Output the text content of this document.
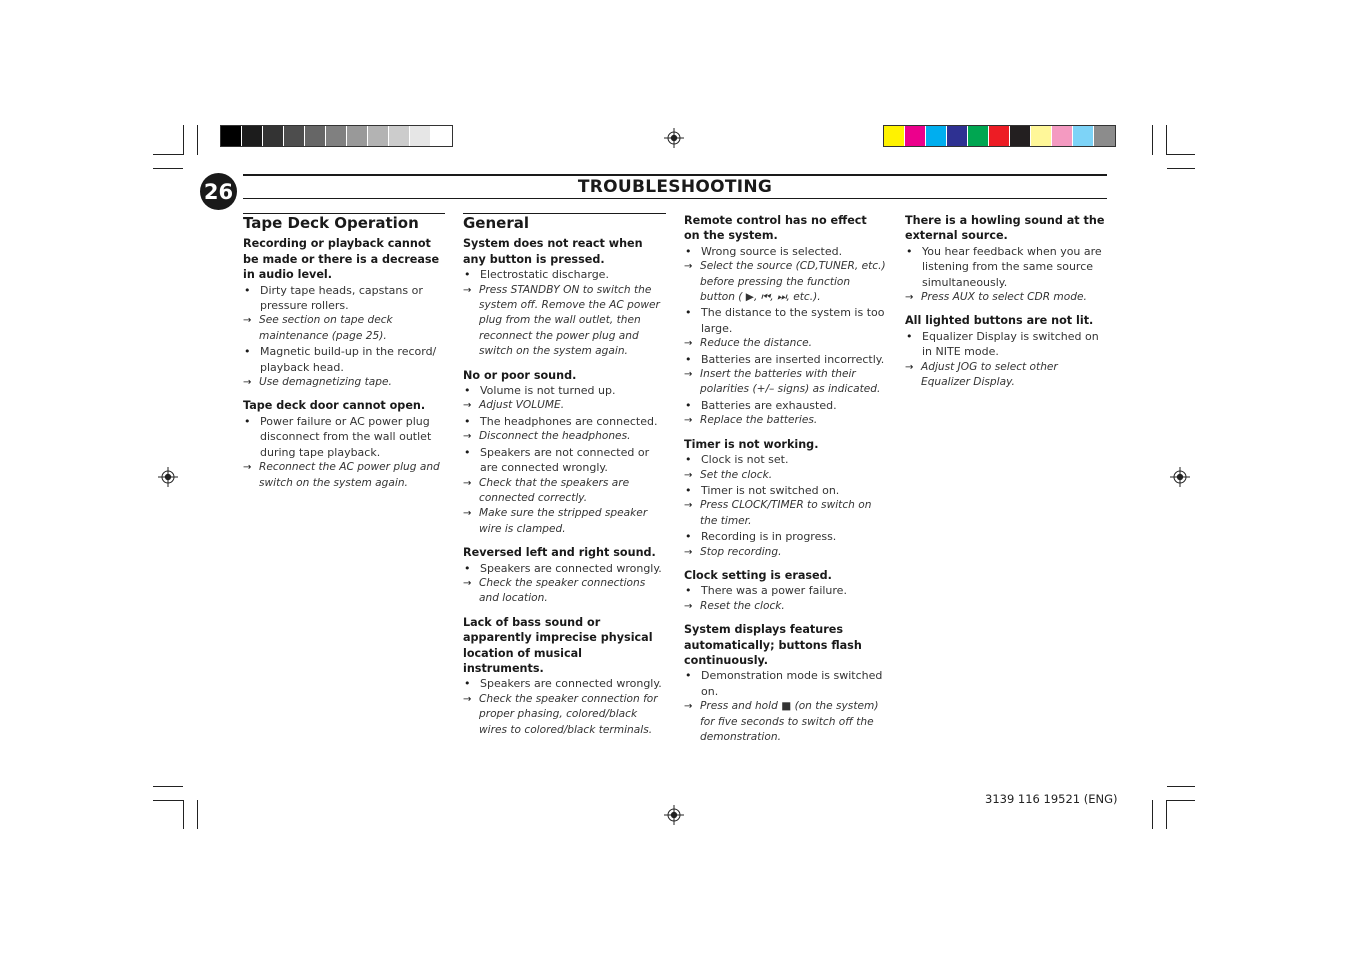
26	TROUBLESHOOTING
Tape Deck Operation
Recording or playback cannot be made or there is a decrease in audio level.
• Dirty tape heads, capstans or pressure rollers.
→ See section on tape deck maintenance (page 25).
• Magnetic build-up in the record/ playback head.
→ Use demagnetizing tape.
Tape deck door cannot open.
• Power failure or AC power plug disconnect from the wall outlet during tape playback.
→ Reconnect the AC power plug and switch on the system again.
General
System does not react when any button is pressed.
• Electrostatic discharge.
→ Press STANDBY ON to switch the system off. Remove the AC power plug from the wall outlet, then reconnect the power plug and switch on the system again.
No or poor sound.
• Volume is not turned up.
→ Adjust VOLUME.
• The headphones are connected.
→ Disconnect the headphones.
• Speakers are not connected or are connected wrongly.
→ Check that the speakers are connected correctly.
→ Make sure the stripped speaker wire is clamped.
Reversed left and right sound.
• Speakers are connected wrongly.
→ Check the speaker connections and location.
Lack of bass sound or apparently imprecise physical location of musical instruments.
• Speakers are connected wrongly.
→ Check the speaker connection for proper phasing, colored/black wires to colored/black terminals.
Remote control has no effect on the system.
• Wrong source is selected.
→ Select the source (CD,TUNER, etc.) before pressing the function button ( ▶, ⏮, ⏭, etc.).
• The distance to the system is too large.
→ Reduce the distance.
• Batteries are inserted incorrectly.
→ Insert the batteries with their polarities (+/– signs) as indicated.
• Batteries are exhausted.
→ Replace the batteries.
Timer is not working.
• Clock is not set.
→ Set the clock.
• Timer is not switched on.
→ Press CLOCK/TIMER to switch on the timer.
• Recording is in progress.
→ Stop recording.
Clock setting is erased.
• There was a power failure.
→ Reset the clock.
System displays features automatically; buttons flash continuously.
• Demonstration mode is switched on.
→ Press and hold ■ (on the system) for five seconds to switch off the demonstration.
There is a howling sound at the external source.
• You hear feedback when you are listening from the same source simultaneously.
→ Press AUX to select CDR mode.
All lighted buttons are not lit.
• Equalizer Display is switched on in NITE mode.
→ Adjust JOG to select other Equalizer Display.
3139 116 19521 (ENG)
